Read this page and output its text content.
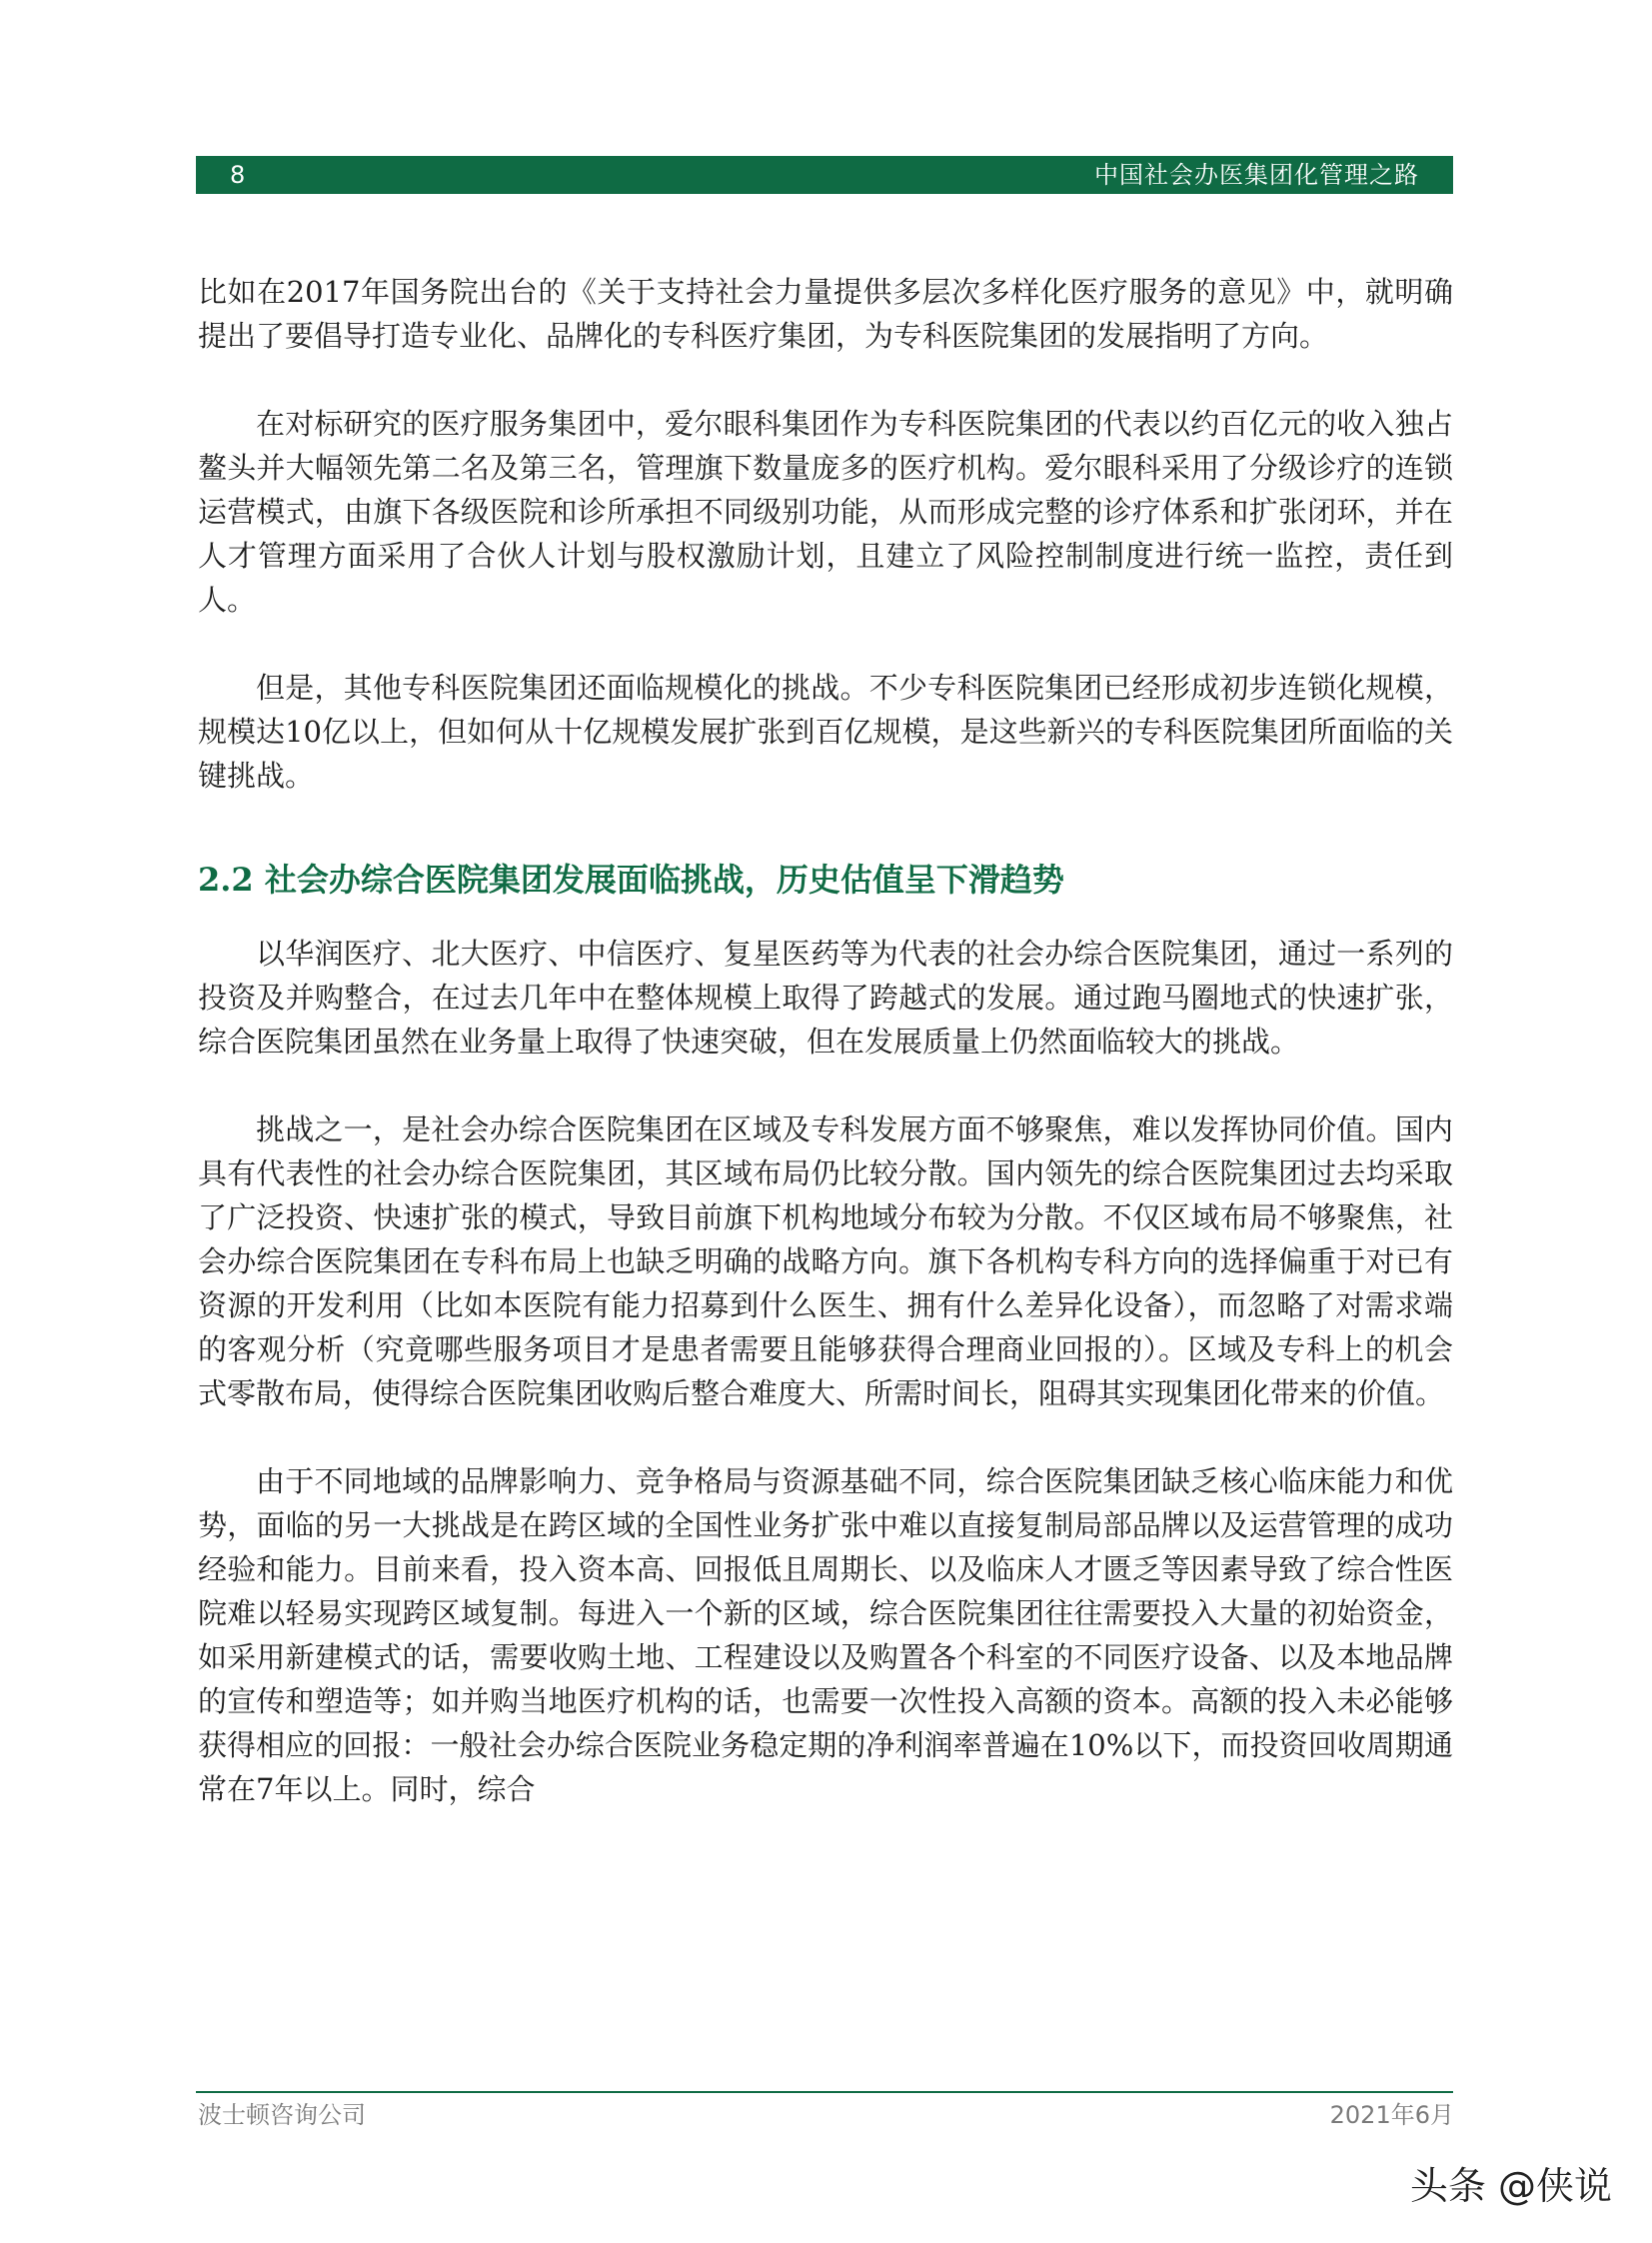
8	中国社会办医集团化管理之路

比如在2017年国务院出台的《关于支持社会力量提供多层次多样化医疗服务的意见》中，就明确提出了要倡导打造专业化、品牌化的专科医疗集团，为专科医院集团的发展指明了方向。

在对标研究的医疗服务集团中，爱尔眼科集团作为专科医院集团的代表以约百亿元的收入独占鳌头并大幅领先第二名及第三名，管理旗下数量庞多的医疗机构。爱尔眼科采用了分级诊疗的连锁运营模式，由旗下各级医院和诊所承担不同级别功能，从而形成完整的诊疗体系和扩张闭环，并在人才管理方面采用了合伙人计划与股权激励计划，且建立了风险控制制度进行统一监控，责任到人。

但是，其他专科医院集团还面临规模化的挑战。不少专科医院集团已经形成初步连锁化规模，规模达10亿以上，但如何从十亿规模发展扩张到百亿规模，是这些新兴的专科医院集团所面临的关键挑战。

2.2 社会办综合医院集团发展面临挑战，历史估值呈下滑趋势

以华润医疗、北大医疗、中信医疗、复星医药等为代表的社会办综合医院集团，通过一系列的投资及并购整合，在过去几年中在整体规模上取得了跨越式的发展。通过跑马圈地式的快速扩张，综合医院集团虽然在业务量上取得了快速突破，但在发展质量上仍然面临较大的挑战。

挑战之一，是社会办综合医院集团在区域及专科发展方面不够聚焦，难以发挥协同价值。国内具有代表性的社会办综合医院集团，其区域布局仍比较分散。国内领先的综合医院集团过去均采取了广泛投资、快速扩张的模式，导致目前旗下机构地域分布较为分散。不仅区域布局不够聚焦，社会办综合医院集团在专科布局上也缺乏明确的战略方向。旗下各机构专科方向的选择偏重于对已有资源的开发利用（比如本医院有能力招募到什么医生、拥有什么差异化设备），而忽略了对需求端的客观分析（究竟哪些服务项目才是患者需要且能够获得合理商业回报的）。区域及专科上的机会式零散布局，使得综合医院集团收购后整合难度大、所需时间长，阻碍其实现集团化带来的价值。

由于不同地域的品牌影响力、竞争格局与资源基础不同，综合医院集团缺乏核心临床能力和优势，面临的另一大挑战是在跨区域的全国性业务扩张中难以直接复制局部品牌以及运营管理的成功经验和能力。目前来看，投入资本高、回报低且周期长、以及临床人才匮乏等因素导致了综合性医院难以轻易实现跨区域复制。每进入一个新的区域，综合医院集团往往需要投入大量的初始资金，如采用新建模式的话，需要收购土地、工程建设以及购置各个科室的不同医疗设备、以及本地品牌的宣传和塑造等；如并购当地医疗机构的话，也需要一次性投入高额的资本。高额的投入未必能够获得相应的回报：一般社会办综合医院业务稳定期的净利润率普遍在10%以下，而投资回收周期通常在7年以上。同时，综合

波士顿咨询公司	2021年6月
头条 @侠说
